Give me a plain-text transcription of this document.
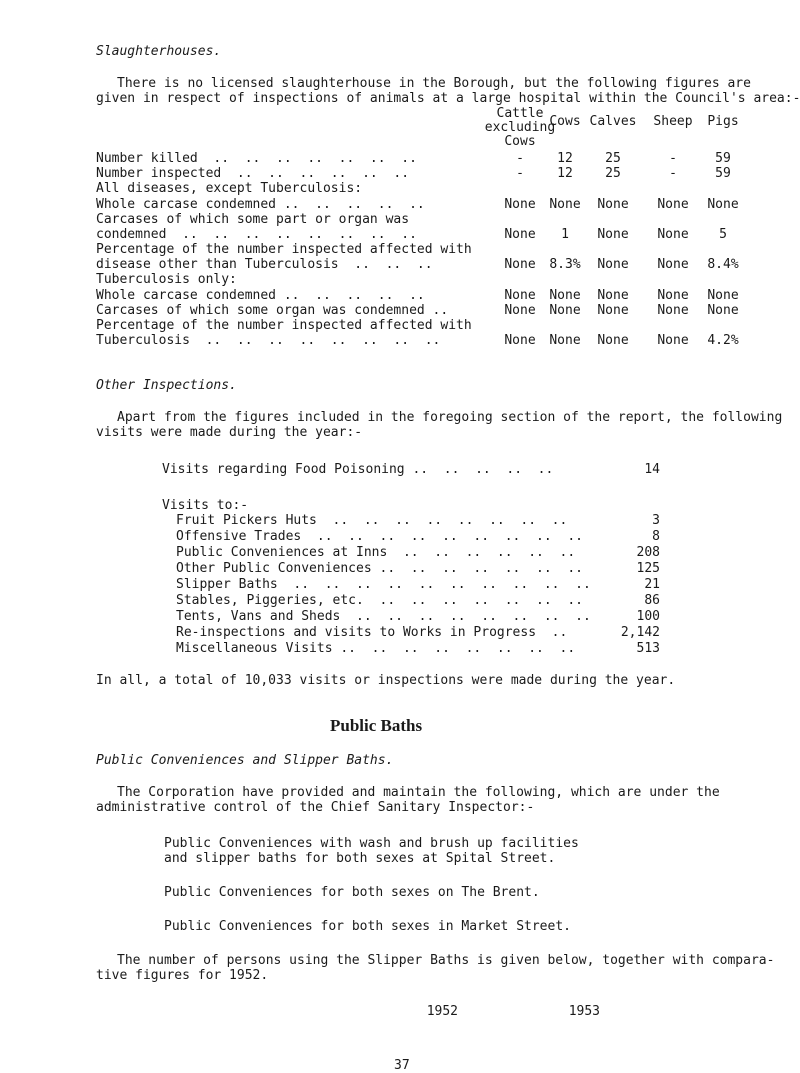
Slaughterhouses.
There is no licensed slaughterhouse in the Borough, but the following figures are
given in respect of inspections of animals at a large hospital within the Council's area:-
Cattle
excluding
Cows
Cows Calves	Sheep	Pigs
Number killed  ..  ..  ..  ..  ..  ..  ..	-	12	25	-	59
Number inspected  ..  ..  ..  ..  ..  ..	-	12	25	-	59
All diseases, except Tuberculosis:
Whole carcase condemned ..  ..  ..  ..  ..	None	None	None	None	None
Carcases of which some part or organ was
condemned  ..  ..  ..  ..  ..  ..  ..  ..	None	1	None	None	5
Percentage of the number inspected affected with
disease other than Tuberculosis  ..  ..  ..	None	8.3%	None	None	8.4%
Tuberculosis only:
Whole carcase condemned ..  ..  ..  ..  ..	None	None	None	None	None
Carcases of which some organ was condemned ..	None	None	None	None	None
Percentage of the number inspected affected with
Tuberculosis  ..  ..  ..  ..  ..  ..  ..  ..	None	None	None	None	4.2%
Other Inspections.
Apart from the figures included in the foregoing section of the report, the following
visits were made during the year:-
Visits regarding Food Poisoning ..  ..  ..  ..  ..	14
Visits to:-
Fruit Pickers Huts  ..  ..  ..  ..  ..  ..  ..  ..	3
Offensive Trades  ..  ..  ..  ..  ..  ..  ..  ..  ..	8
Public Conveniences at Inns  ..  ..  ..  ..  ..  ..	208
Other Public Conveniences ..  ..  ..  ..  ..  ..  ..	125
Slipper Baths  ..  ..  ..  ..  ..  ..  ..  ..  ..  ..	21
Stables, Piggeries, etc.  ..  ..  ..  ..  ..  ..  ..	86
Tents, Vans and Sheds  ..  ..  ..  ..  ..  ..  ..  ..	100
Re-inspections and visits to Works in Progress  ..	2,142
Miscellaneous Visits ..  ..  ..  ..  ..  ..  ..  ..	513
In all, a total of 10,033 visits or inspections were made during the year.
Public Baths
Public Conveniences and Slipper Baths.
The Corporation have provided and maintain the following, which are under the
administrative control of the Chief Sanitary Inspector:-
Public Conveniences with wash and brush up facilities
and slipper baths for both sexes at Spital Street.
Public Conveniences for both sexes on The Brent.
Public Conveniences for both sexes in Market Street.
The number of persons using the Slipper Baths is given below, together with compara-
tive figures for 1952.
1952	1953
37
